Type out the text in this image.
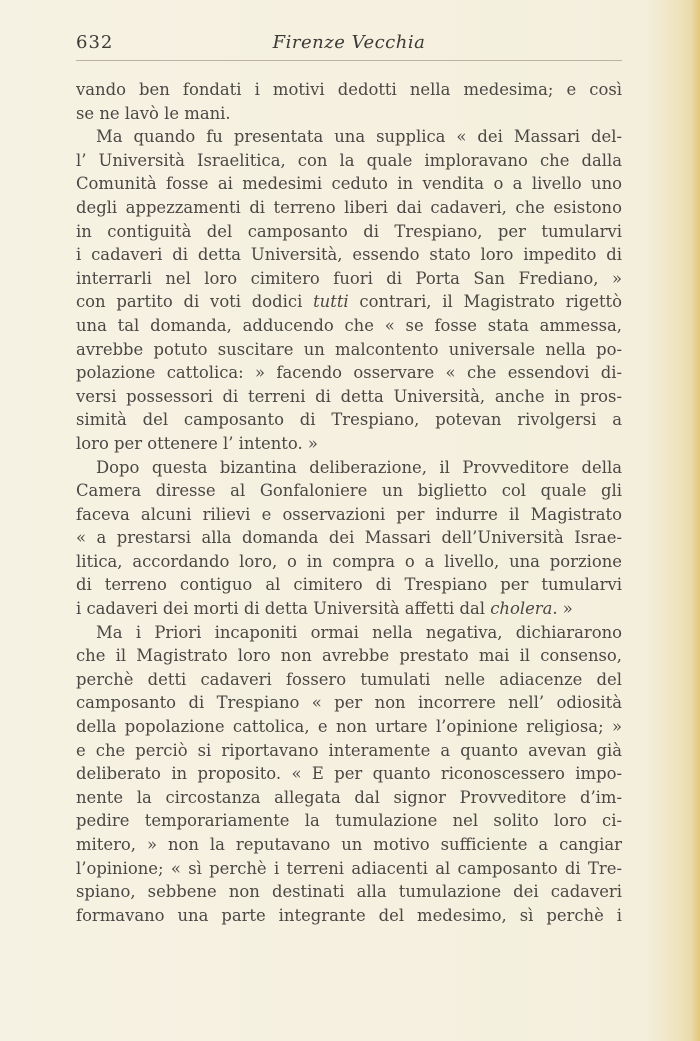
632	Firenze Vecchia
vando ben fondati i motivi dedotti nella medesima; e così
se ne lavò le mani.
Ma quando fu presentata una supplica « dei Massari del-
l’ Università Israelitica, con la quale imploravano che dalla
Comunità fosse ai medesimi ceduto in vendita o a livello uno
degli appezzamenti di terreno liberi dai cadaveri, che esistono
in contiguità del camposanto di Trespiano, per tumularvi
i cadaveri di detta Università, essendo stato loro impedito di
interrarli nel loro cimitero fuori di Porta San Frediano, »
con partito di voti dodici tutti contrari, il Magistrato rigettò
una tal domanda, adducendo che « se fosse stata ammessa,
avrebbe potuto suscitare un malcontento universale nella po-
polazione cattolica: » facendo osservare « che essendovi di-
versi possessori di terreni di detta Università, anche in pros-
simità del camposanto di Trespiano, potevan rivolgersi a
loro per ottenere l’ intento. »
Dopo questa bizantina deliberazione, il Provveditore della
Camera diresse al Gonfaloniere un biglietto col quale gli
faceva alcuni rilievi e osservazioni per indurre il Magistrato
« a prestarsi alla domanda dei Massari dell’Università Israe-
litica, accordando loro, o in compra o a livello, una porzione
di terreno contiguo al cimitero di Trespiano per tumularvi
i cadaveri dei morti di detta Università affetti dal cholera. »
Ma i Priori incaponiti ormai nella negativa, dichiararono
che il Magistrato loro non avrebbe prestato mai il consenso,
perchè detti cadaveri fossero tumulati nelle adiacenze del
camposanto di Trespiano « per non incorrere nell’ odiosità
della popolazione cattolica, e non urtare l’opinione religiosa; »
e che perciò si riportavano interamente a quanto avevan già
deliberato in proposito. « E per quanto riconoscessero impo-
nente la circostanza allegata dal signor Provveditore d’im-
pedire temporariamente la tumulazione nel solito loro ci-
mitero, » non la reputavano un motivo sufficiente a cangiar
l’opinione; « sì perchè i terreni adiacenti al camposanto di Tre-
spiano, sebbene non destinati alla tumulazione dei cadaveri
formavano una parte integrante del medesimo, sì perchè i
